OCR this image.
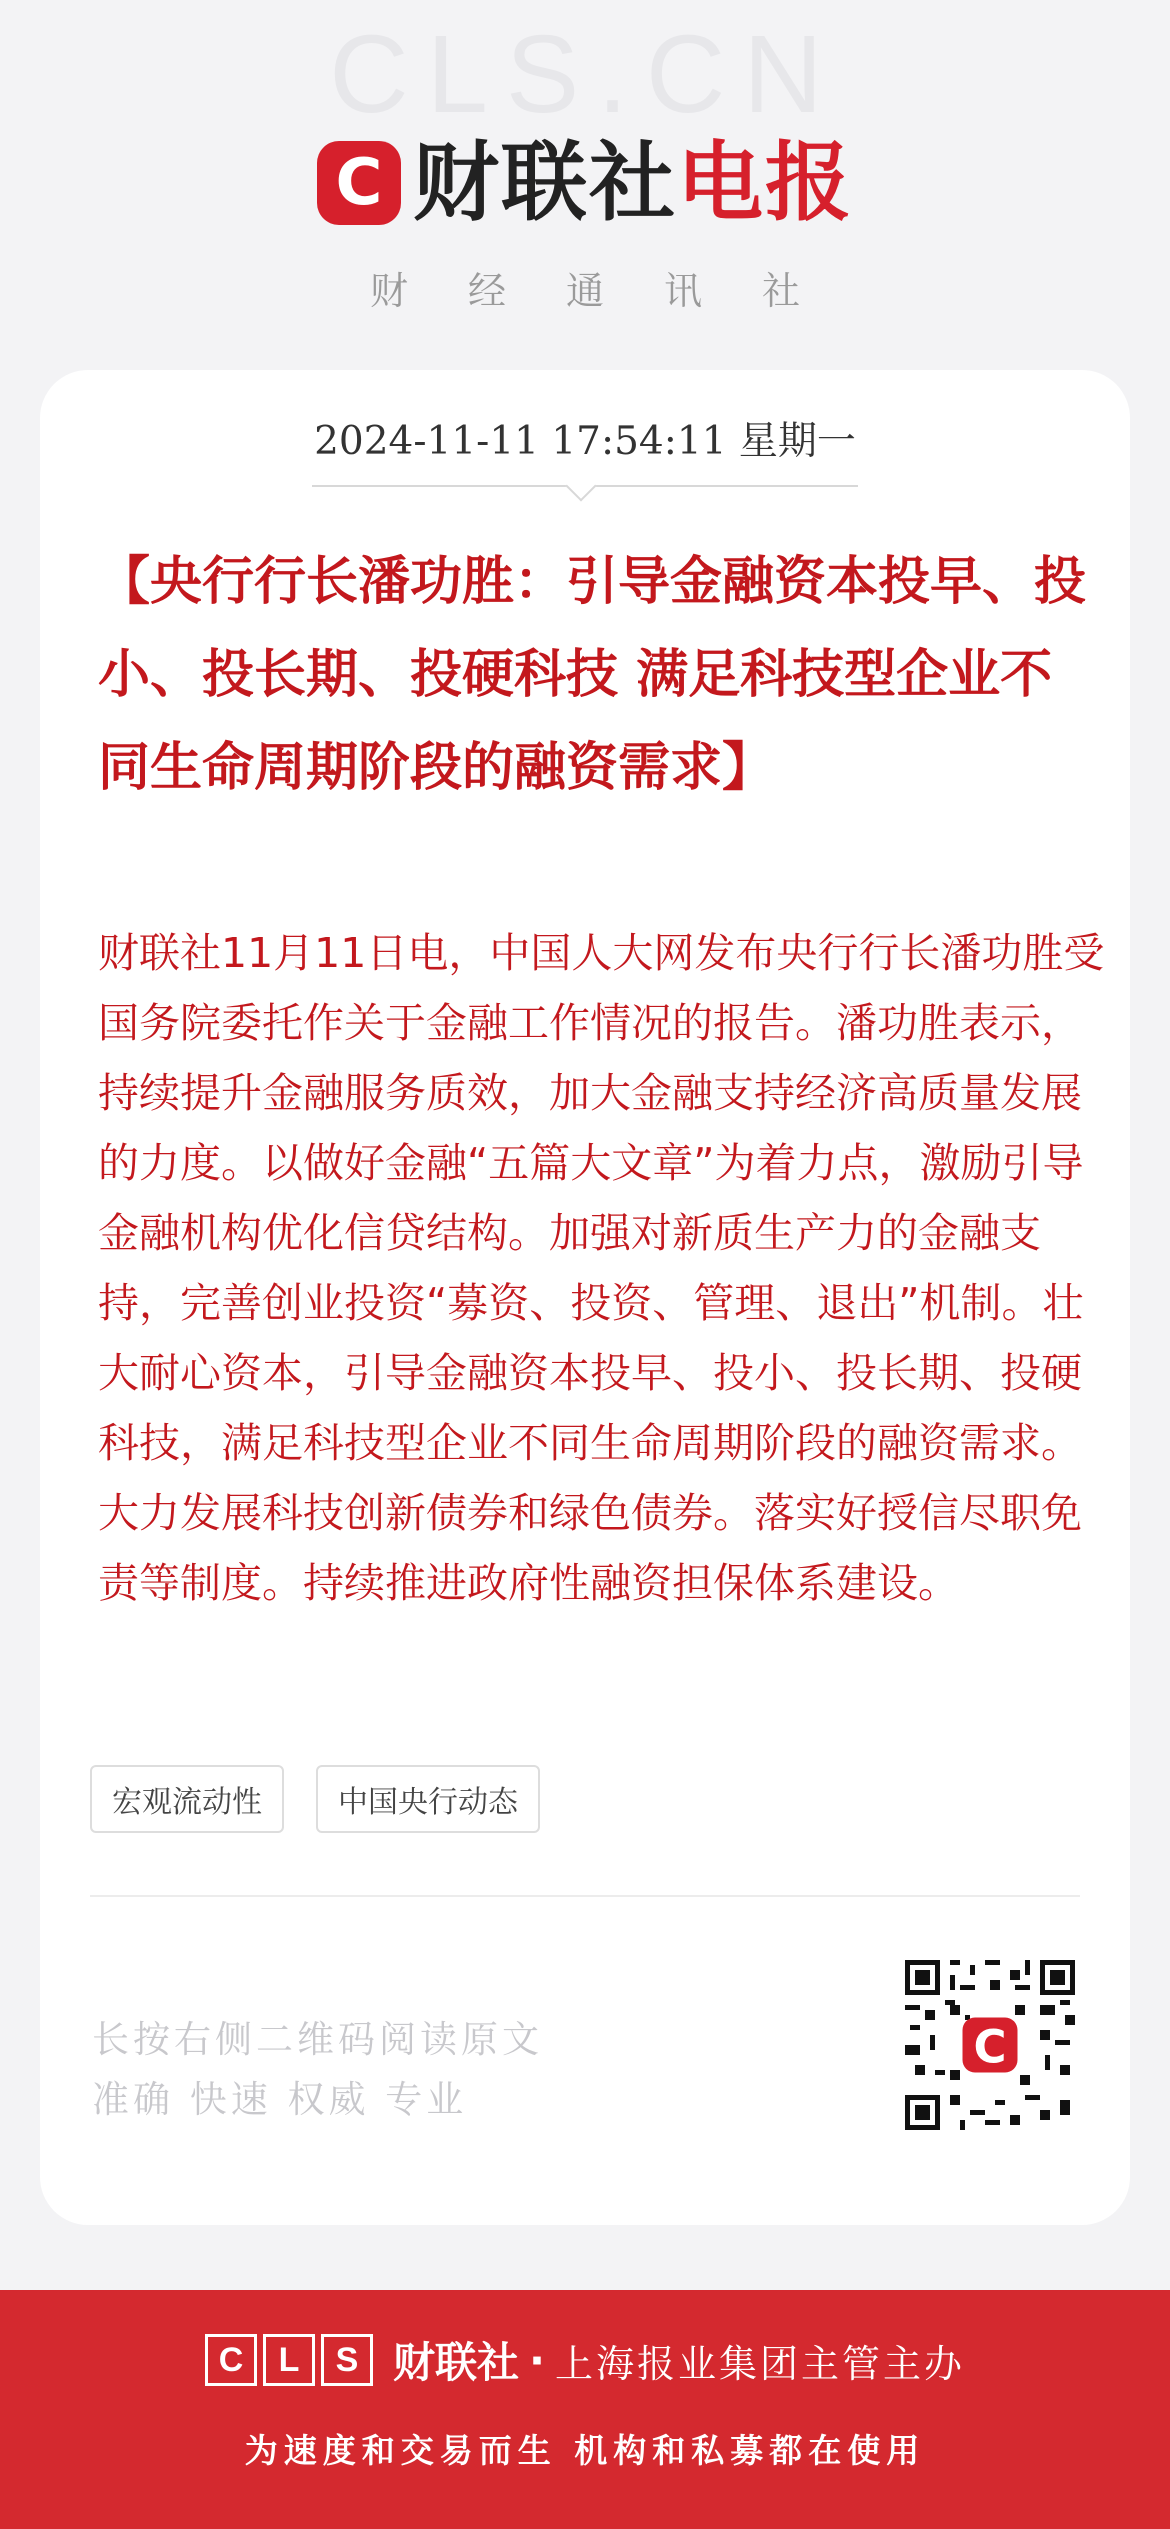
CLS.CN
C 财联社 电报
财经通讯社
2024-11-11 17:54:11 星期一
【央行行长潘功胜：引导金融资本投早、投小、投长期、投硬科技 满足科技型企业不同生命周期阶段的融资需求】

财联社11月11日电，中国人大网发布央行行长潘功胜受国务院委托作关于金融工作情况的报告。潘功胜表示，持续提升金融服务质效，加大金融支持经济高质量发展的力度。以做好金融“五篇大文章”为着力点，激励引导金融机构优化信贷结构。加强对新质生产力的金融支持，完善创业投资“募资、投资、管理、退出”机制。壮大耐心资本，引导金融资本投早、投小、投长期、投硬科技，满足科技型企业不同生命周期阶段的融资需求。大力发展科技创新债券和绿色债券。落实好授信尽职免责等制度。持续推进政府性融资担保体系建设。

宏观流动性	中国央行动态
长按右侧二维码阅读原文
准确 快速 权威 专业
C
C	L	S 财联社 · 上海报业集团主管主办
为速度和交易而生 机构和私募都在使用
